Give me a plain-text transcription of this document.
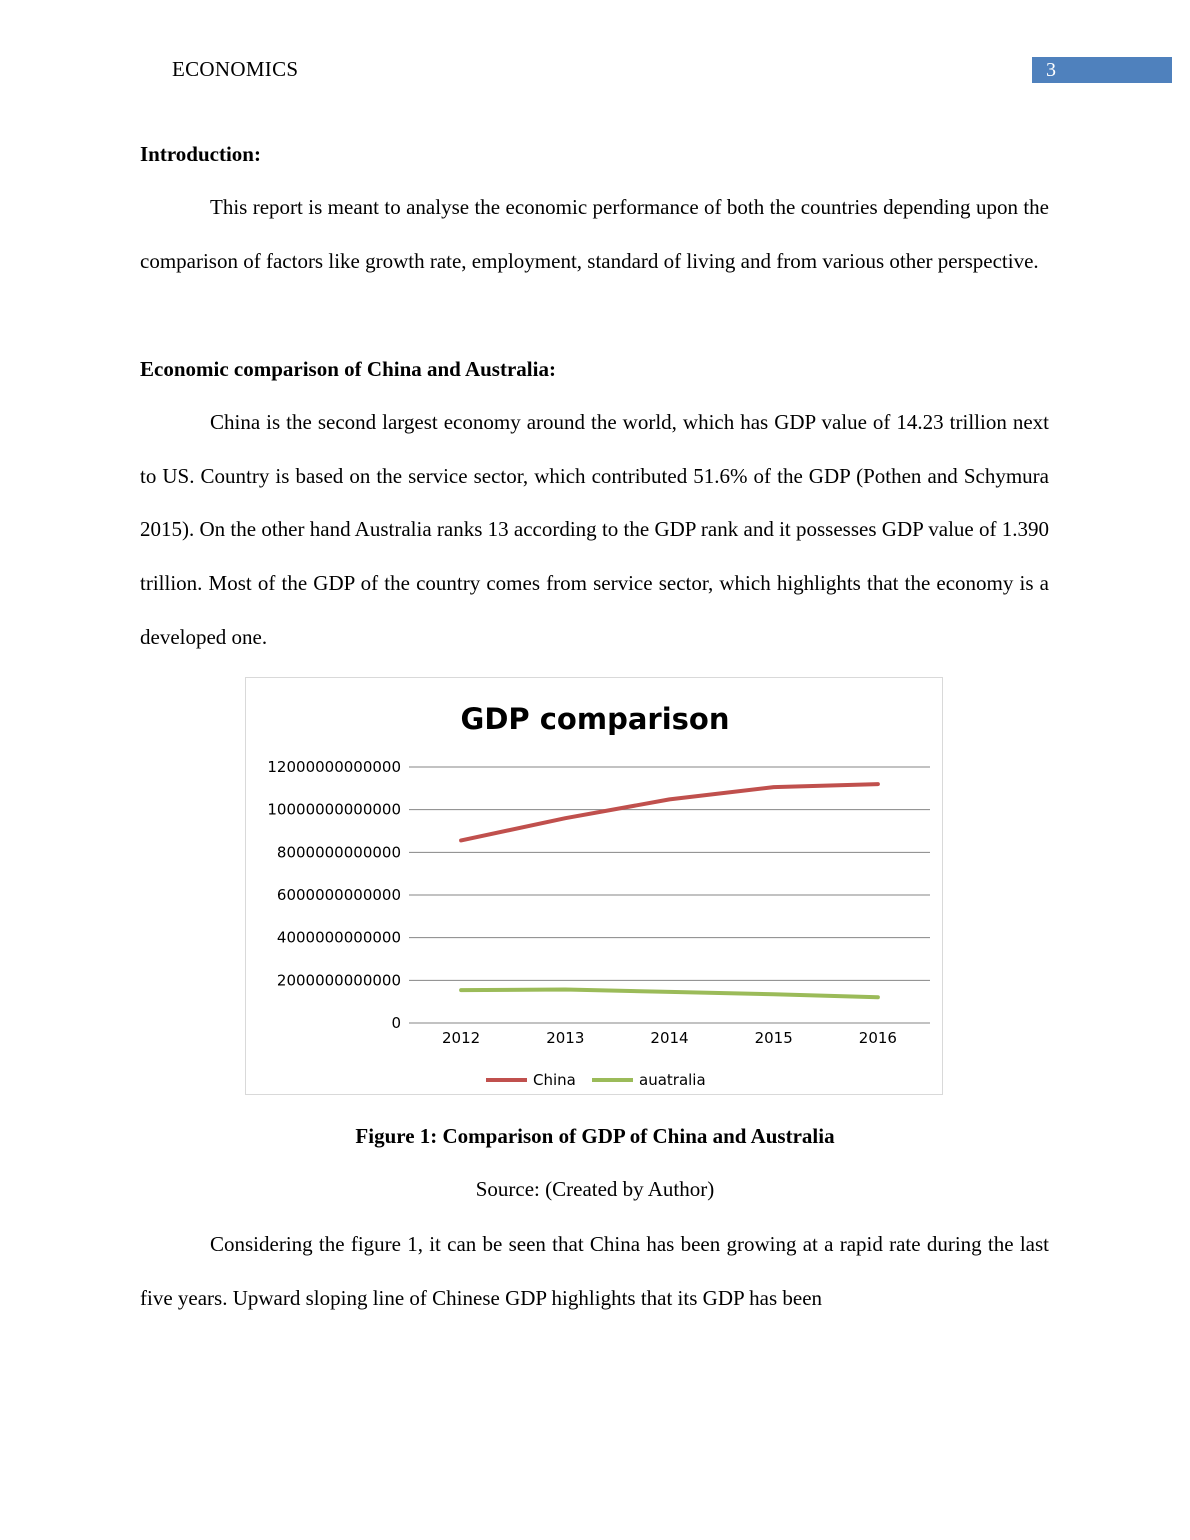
ECONOMICS	3
Introduction:

This report is meant to analyse the economic performance of both the countries depending upon the comparison of factors like growth rate, employment, standard of living and from various other perspective.

Economic comparison of China and Australia:

China is the second largest economy around the world, which has GDP value of 14.23 trillion next to US. Country is based on the service sector, which contributed 51.6% of the GDP (Pothen and Schymura 2015). On the other hand Australia ranks 13 according to the GDP rank and it possesses GDP value of 1.390 trillion. Most of the GDP of the country comes from service sector, which highlights that the economy is a developed one.

Considering the figure 1, it can be seen that China has been growing at a rapid rate during the last five years. Upward sloping line of Chinese GDP highlights that its GDP has been

GDP comparison
0
2000000000000
4000000000000
6000000000000
8000000000000
10000000000000
12000000000000
2012	2013	2014	2015	2016
China	auatralia
Figure 1: Comparison of GDP of China and Australia
Source: (Created by Author)
